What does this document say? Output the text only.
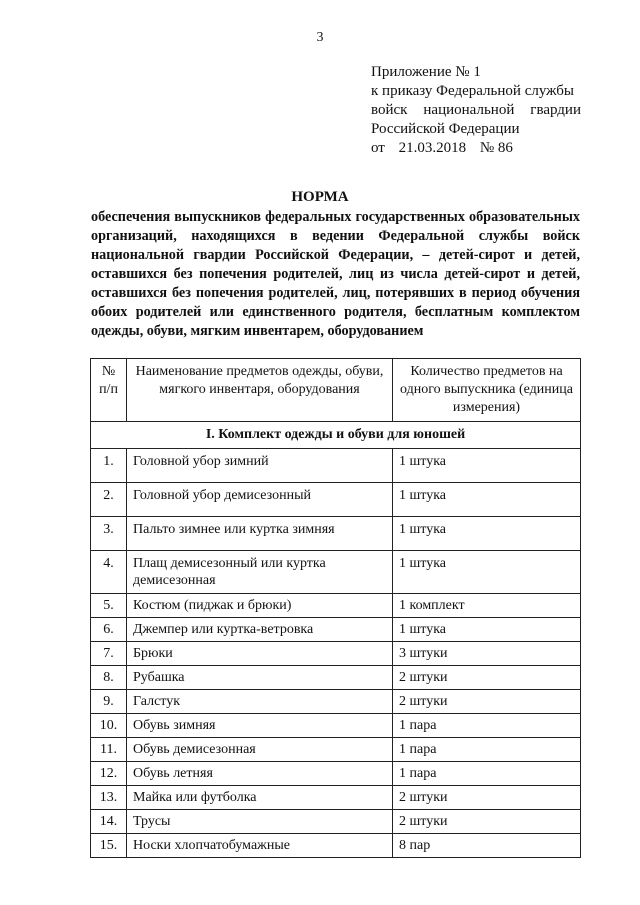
3
Приложение № 1
к приказу Федеральной службы
войск национальной гвардии
Российской Федерации
от 21.03.2018 № 86
НОРМА
обеспечения выпускников федеральных государственных образовательных организаций, находящихся в ведении Федеральной службы войск национальной гвардии Российской Федерации, – детей-сирот и детей, оставшихся без попечения родителей, лиц из числа детей-сирот и детей, оставшихся без попечения родителей, лиц, потерявших в период обучения обоих родителей или единственного родителя, бесплатным комплектом одежды, обуви, мягким инвентарем, оборудованием
№ п/п	Наименование предметов одежды, обуви, мягкого инвентаря, оборудования	Количество предметов на одного выпускника (единица измерения)
I. Комплект одежды и обуви для юношей		
1.	Головной убор зимний	1 штука
2.	Головной убор демисезонный	1 штука
3.	Пальто зимнее или куртка зимняя	1 штука
4.	Плащ демисезонный или куртка демисезонная	1 штука
5.	Костюм (пиджак и брюки)	1 комплект
6.	Джемпер или куртка-ветровка	1 штука
7.	Брюки	3 штуки
8.	Рубашка	2 штуки
9.	Галстук	2 штуки
10.	Обувь зимняя	1 пара
11.	Обувь демисезонная	1 пара
12.	Обувь летняя	1 пара
13.	Майка или футболка	2 штуки
14.	Трусы	2 штуки
15.	Носки хлопчатобумажные	8 пар
